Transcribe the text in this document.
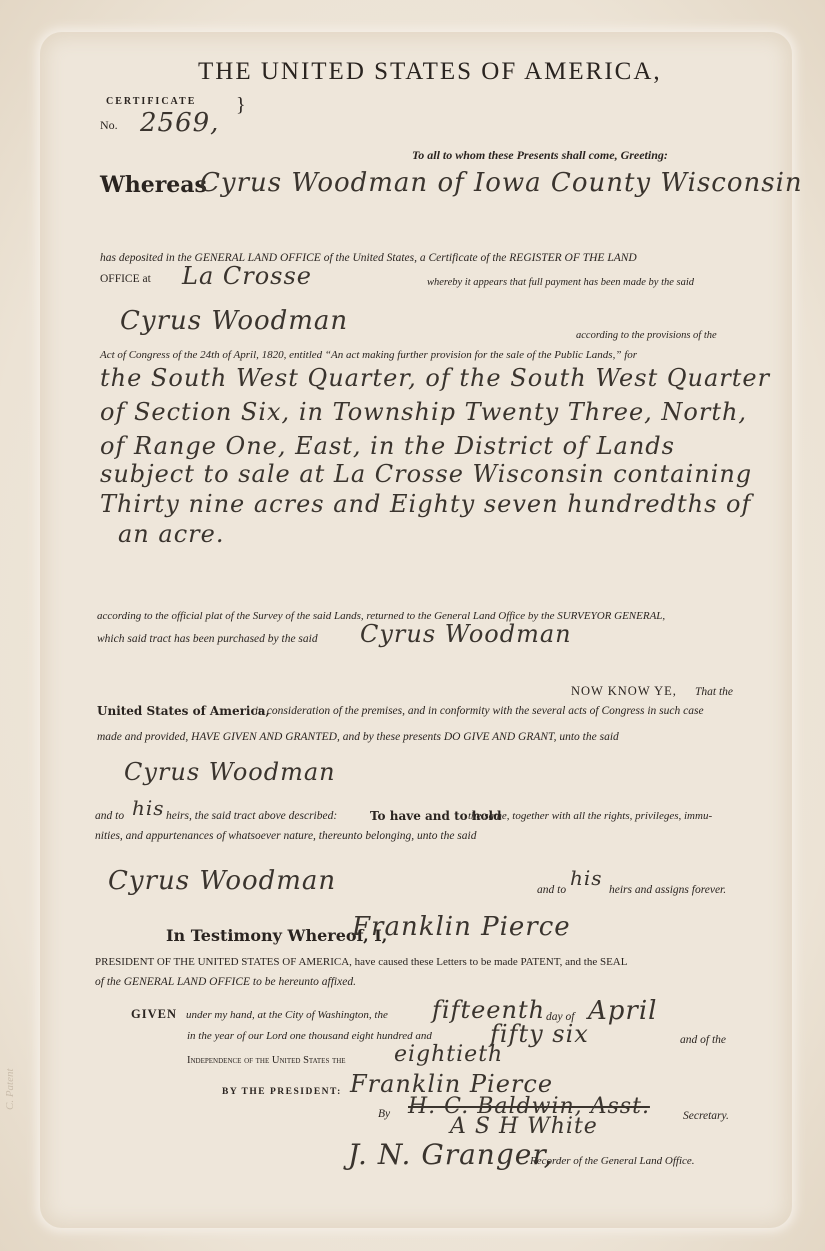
C. Patent
THE UNITED STATES OF AMERICA,
CERTIFICATE }
No. 2569,
To all to whom these Presents shall come, Greeting:
Whereas
Cyrus Woodman of Iowa County Wisconsin
has deposited in the GENERAL LAND OFFICE of the United States, a Certificate of the REGISTER OF THE LAND
OFFICE at La Crosse	whereby it appears that full payment has been made by the said
Cyrus Woodman	according to the provisions of the
Act of Congress of the 24th of April, 1820, entitled “An act making further provision for the sale of the Public Lands,” for
the South West Quarter, of the South West Quarter
of Section Six, in Township Twenty Three, North,
of Range One, East, in the District of Lands
subject to sale at La Crosse Wisconsin containing
Thirty nine acres and Eighty seven hundredths of
an acre.
according to the official plat of the Survey of the said Lands, returned to the General Land Office by the SURVEYOR GENERAL,
which said tract has been purchased by the said Cyrus Woodman
NOW KNOW YE, That the
United States of America,
in consideration of the premises, and in conformity with the several acts of Congress in such case
made and provided, HAVE GIVEN AND GRANTED, and by these presents DO GIVE AND GRANT, unto the said
Cyrus Woodman
and to his heirs, the said tract above described:	To have and to hold
the same, together with all the rights, privileges, immu-
nities, and appurtenances of whatsoever nature, thereunto belonging, unto the said
Cyrus Woodman	and to his heirs and assigns forever.
In Testimony Whereof, I,
Franklin Pierce
PRESIDENT OF THE UNITED STATES OF AMERICA, have caused these Letters to be made PATENT, and the SEAL
of the GENERAL LAND OFFICE to be hereunto affixed.
GIVEN under my hand, at the City of Washington, the fifteenth day of April
in the year of our Lord one thousand eight hundred and fifty six	and of the
Independence of the United States the eightieth
BY THE PRESIDENT: Franklin Pierce
By H. C. Baldwin, Asst.	Secretary.
A S H White
J. N. Granger,
Recorder of the General Land Office.
